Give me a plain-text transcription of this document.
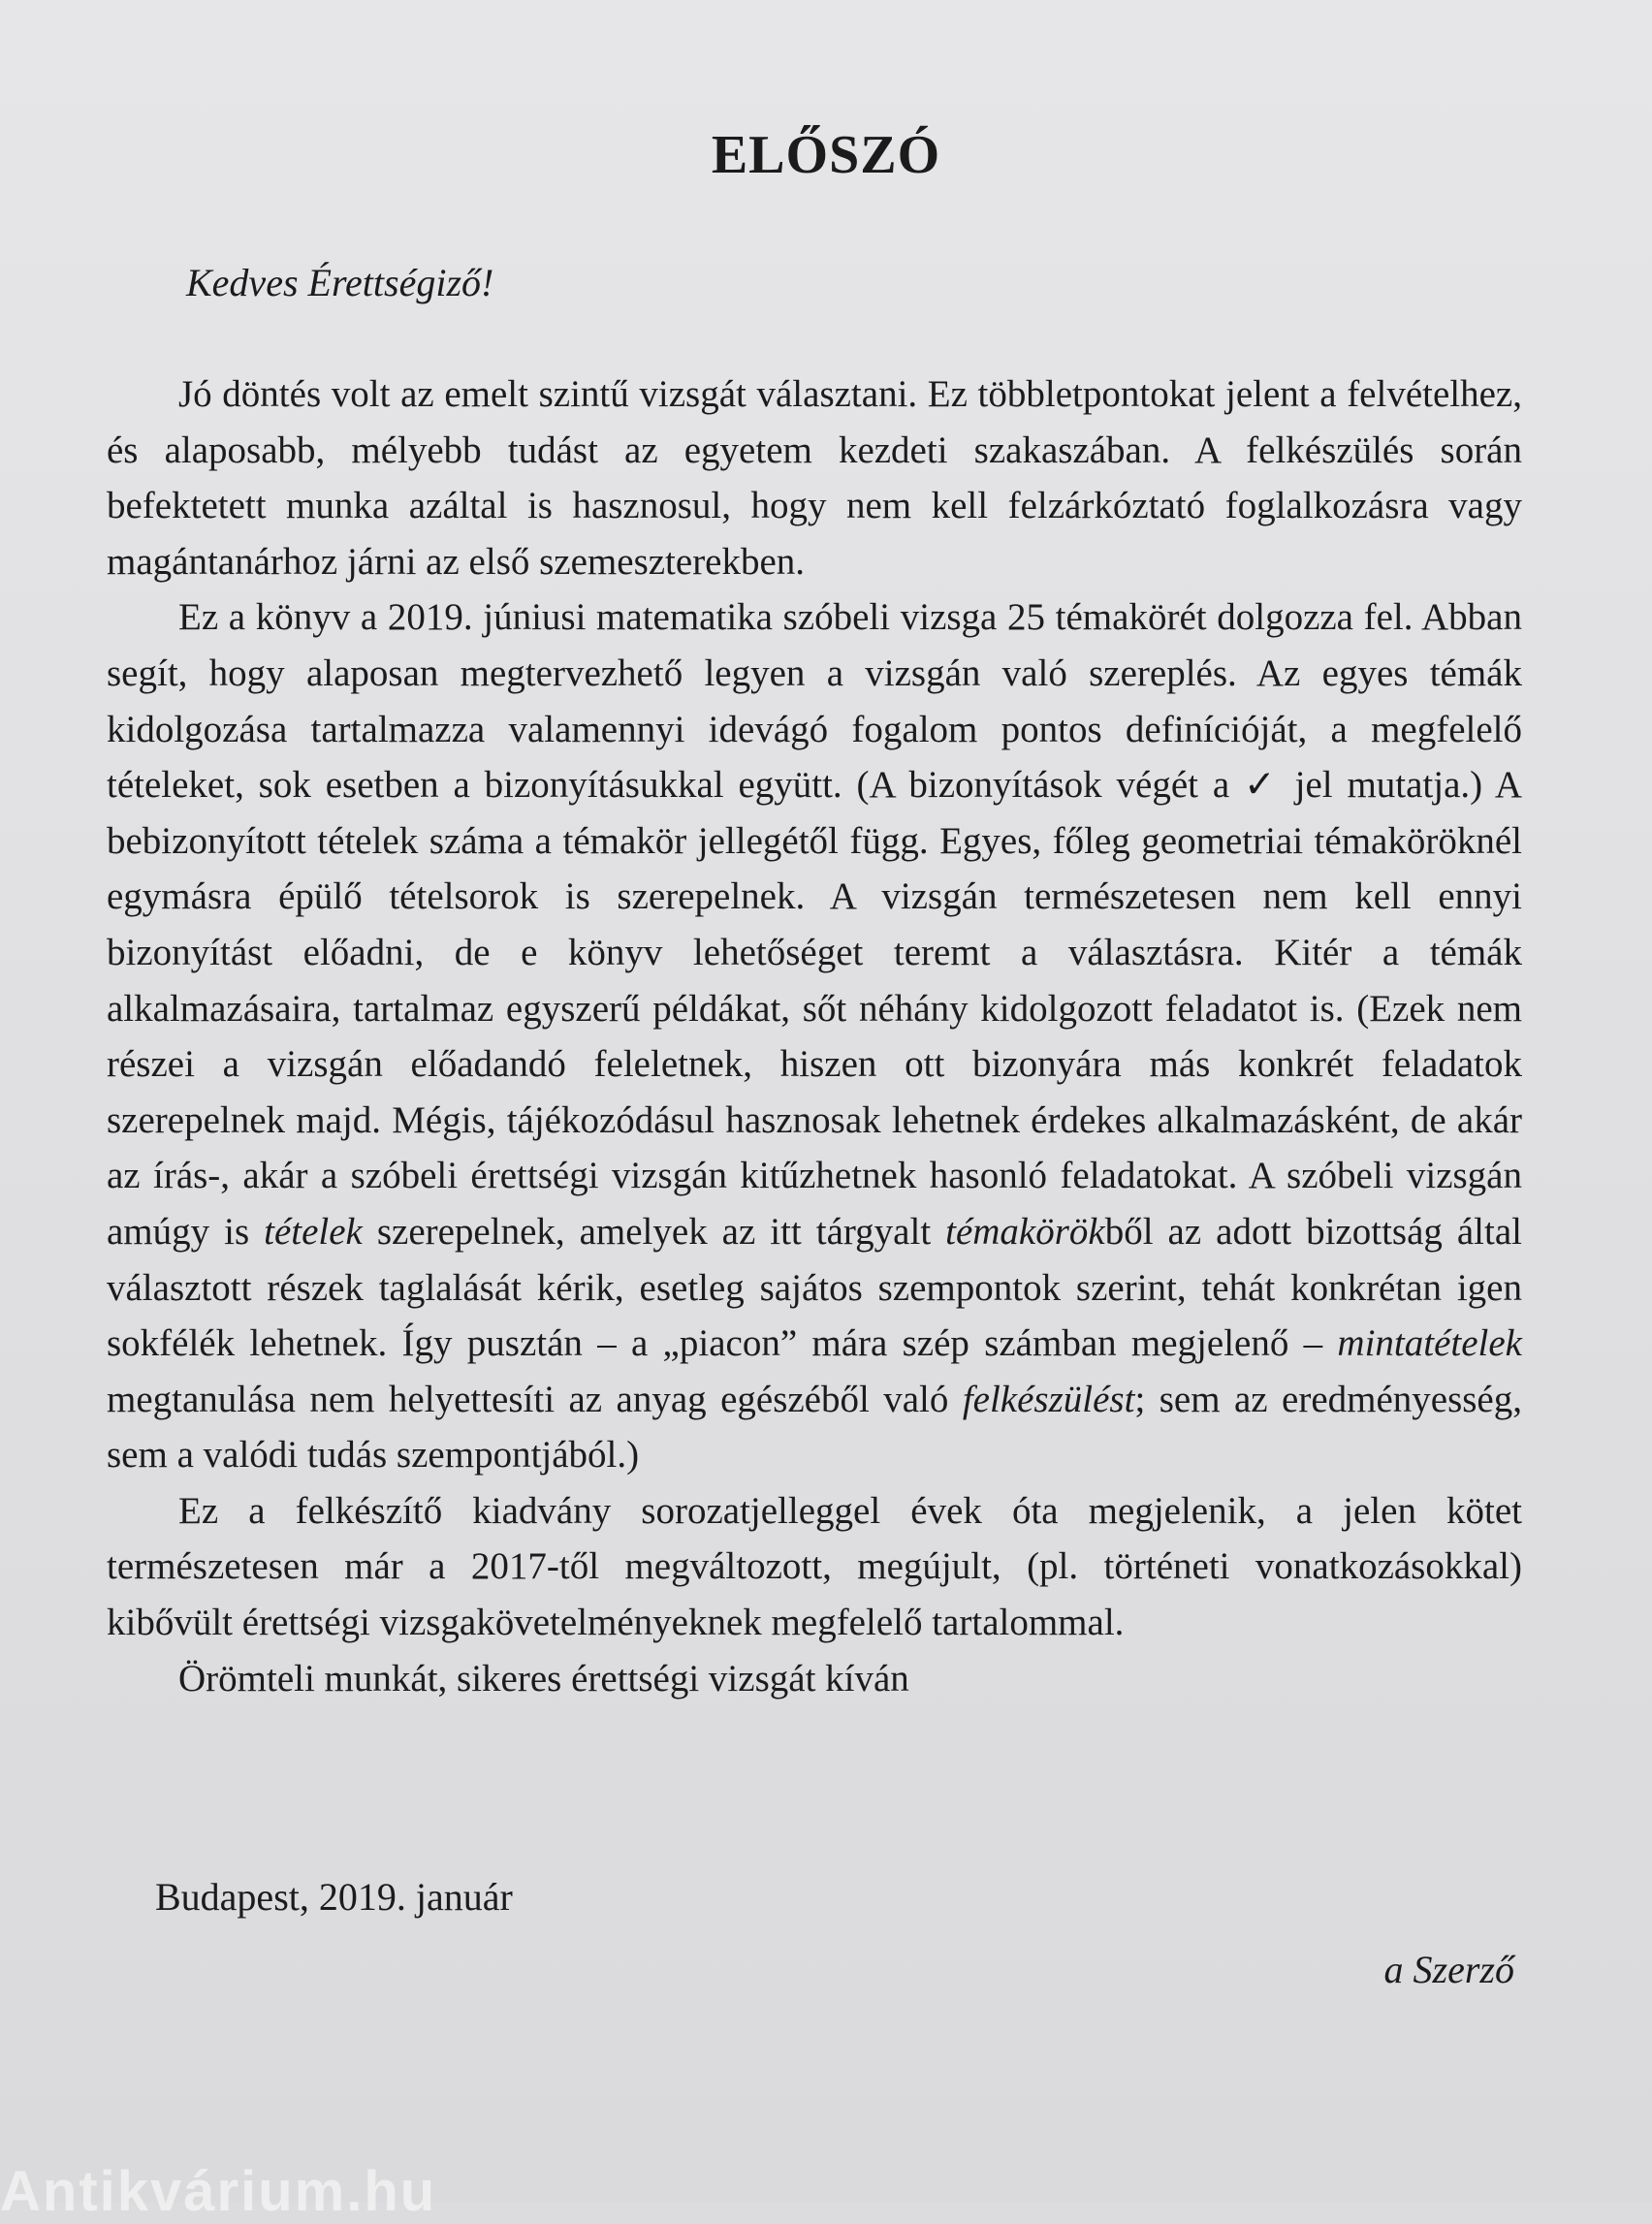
ELŐSZÓ

Kedves Érettségiző!

Jó döntés volt az emelt szintű vizsgát választani. Ez többletpontokat jelent a felvételhez, és alaposabb, mélyebb tudást az egyetem kezdeti szakaszában. A felkészülés során befektetett munka azáltal is hasznosul, hogy nem kell felzárkóztató foglalkozásra vagy magántanárhoz járni az első szemeszterekben.

Ez a könyv a 2019. júniusi matematika szóbeli vizsga 25 témakörét dolgozza fel. Abban segít, hogy alaposan megtervezhető legyen a vizsgán való szereplés. Az egyes témák kidolgozása tartalmazza valamennyi idevágó fogalom pontos definícióját, a megfelelő tételeket, sok esetben a bizonyításukkal együtt. (A bizonyítások végét a ✓ jel mutatja.) A bebizonyított tételek száma a témakör jellegétől függ. Egyes, főleg geometriai témaköröknél egymásra épülő tételsorok is szerepelnek. A vizsgán természetesen nem kell ennyi bizonyítást előadni, de e könyv lehetőséget teremt a választásra. Kitér a témák alkalmazásaira, tartalmaz egyszerű példákat, sőt néhány kidolgozott feladatot is. (Ezek nem részei a vizsgán előadandó feleletnek, hiszen ott bizonyára más konkrét feladatok szerepelnek majd. Mégis, tájékozódásul hasznosak lehetnek érdekes alkalmazásként, de akár az írás-, akár a szóbeli érettségi vizsgán kitűzhetnek hasonló feladatokat. A szóbeli vizsgán amúgy is tételek szerepelnek, amelyek az itt tárgyalt témakörökből az adott bizottság által választott részek taglalását kérik, esetleg sajátos szempontok szerint, tehát konkrétan igen sokfélék lehetnek. Így pusztán – a „piacon” mára szép számban megjelenő – mintatételek megtanulása nem helyettesíti az anyag egészéből való felkészülést; sem az eredményesség, sem a valódi tudás szempontjából.)

Ez a felkészítő kiadvány sorozatjelleggel évek óta megjelenik, a jelen kötet természetesen már a 2017-től megváltozott, megújult, (pl. történeti vonatkozásokkal) kibővült érettségi vizsgakövetelményeknek megfelelő tartalommal.

Örömteli munkát, sikeres érettségi vizsgát kíván

Budapest, 2019. január

a Szerző

Antikvárium.hu
